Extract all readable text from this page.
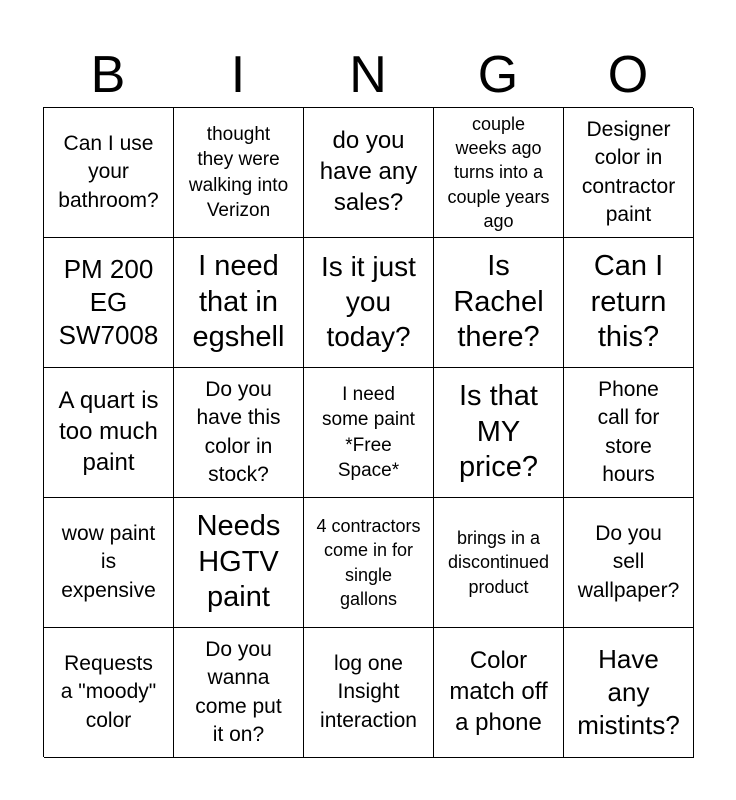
B	I	N	G	O
Can I use
your
bathroom?
thought
they were
walking into
Verizon
do you
have any
sales?
couple
weeks ago
turns into a
couple years
ago
Designer
color in
contractor
paint
PM 200
EG
SW7008
I need
that in
egshell
Is it just
you
today?
Is
Rachel
there?
Can I
return
this?
A quart is
too much
paint
Do you
have this
color in
stock?
I need
some paint
*Free
Space*
Is that
MY
price?
Phone
call for
store
hours
wow paint
is
expensive
Needs
HGTV
paint
4 contractors
come in for
single
gallons
brings in a
discontinued
product
Do you
sell
wallpaper?
Requests
a "moody"
color
Do you
wanna
come put
it on?
log one
Insight
interaction
Color
match off
a phone
Have
any
mistints?
